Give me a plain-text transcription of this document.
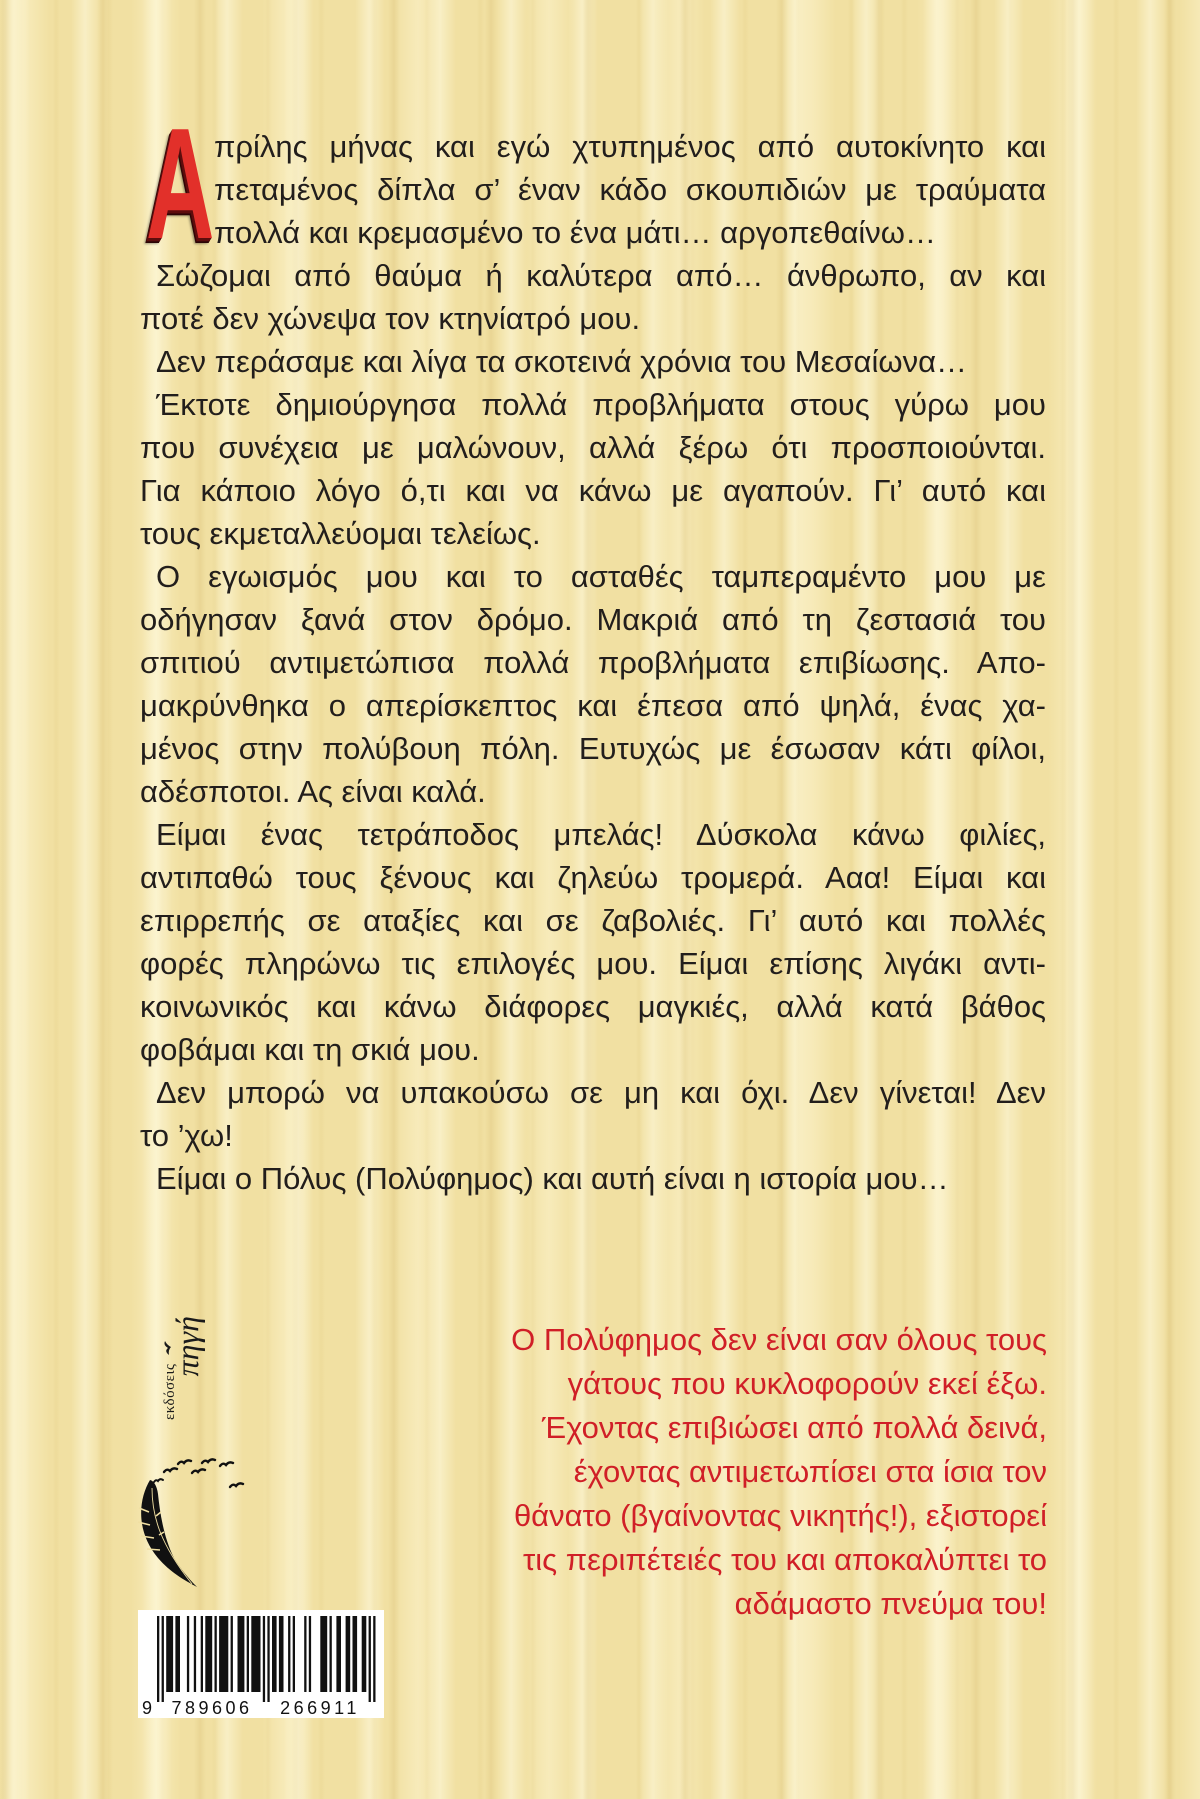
Α πρίλης μήνας και εγώ χτυπημένος από αυτοκίνητο και
πεταμένος δίπλα σ’ έναν κάδο σκουπιδιών με τραύματα
πολλά και κρεμασμένο το ένα μάτι… αργοπεθαίνω…
Σώζομαι από θαύμα ή καλύτερα από… άνθρωπο, αν και
ποτέ δεν χώνεψα τον κτηνίατρό μου.
Δεν περάσαμε και λίγα τα σκοτεινά χρόνια του Μεσαίωνα…
Έκτοτε δημιούργησα πολλά προβλήματα στους γύρω μου
που συνέχεια με μαλώνουν, αλλά ξέρω ότι προσποιούνται.
Για κάποιο λόγο ό,τι και να κάνω με αγαπούν. Γι’ αυτό και
τους εκμεταλλεύομαι τελείως.
Ο εγωισμός μου και το ασταθές ταμπεραμέντο μου με
οδήγησαν ξανά στον δρόμο. Μακριά από τη ζεστασιά του
σπιτιού αντιμετώπισα πολλά προβλήματα επιβίωσης. Απο-
μακρύνθηκα ο απερίσκεπτος και έπεσα από ψηλά, ένας χα-
μένος στην πολύβουη πόλη. Ευτυχώς με έσωσαν κάτι φίλοι,
αδέσποτοι. Ας είναι καλά.
Είμαι ένας τετράποδος μπελάς! Δύσκολα κάνω φιλίες,
αντιπαθώ τους ξένους και ζηλεύω τρομερά. Ααα! Είμαι και
επιρρεπής σε αταξίες και σε ζαβολιές. Γι’ αυτό και πολλές
φορές πληρώνω τις επιλογές μου. Είμαι επίσης λιγάκι αντι-
κοινωνικός και κάνω διάφορες μαγκιές, αλλά κατά βάθος
φοβάμαι και τη σκιά μου.
Δεν μπορώ να υπακούσω σε μη και όχι. Δεν γίνεται! Δεν
το ’χω!
Είμαι ο Πόλυς (Πολύφημος) και αυτή είναι η ιστορία μου…
εκδόσεις
πηγή	Ο Πολύφημος δεν είναι σαν όλους τους
γάτους που κυκλοφορούν εκεί έξω.
Έχοντας επιβιώσει από πολλά δεινά,
έχοντας αντιμετωπίσει στα ίσια τον
θάνατο (βγαίνοντας νικητής!), εξιστορεί
τις περιπέτειές του και αποκαλύπτει το
αδάμαστο πνεύμα του!
9 789606 266911
